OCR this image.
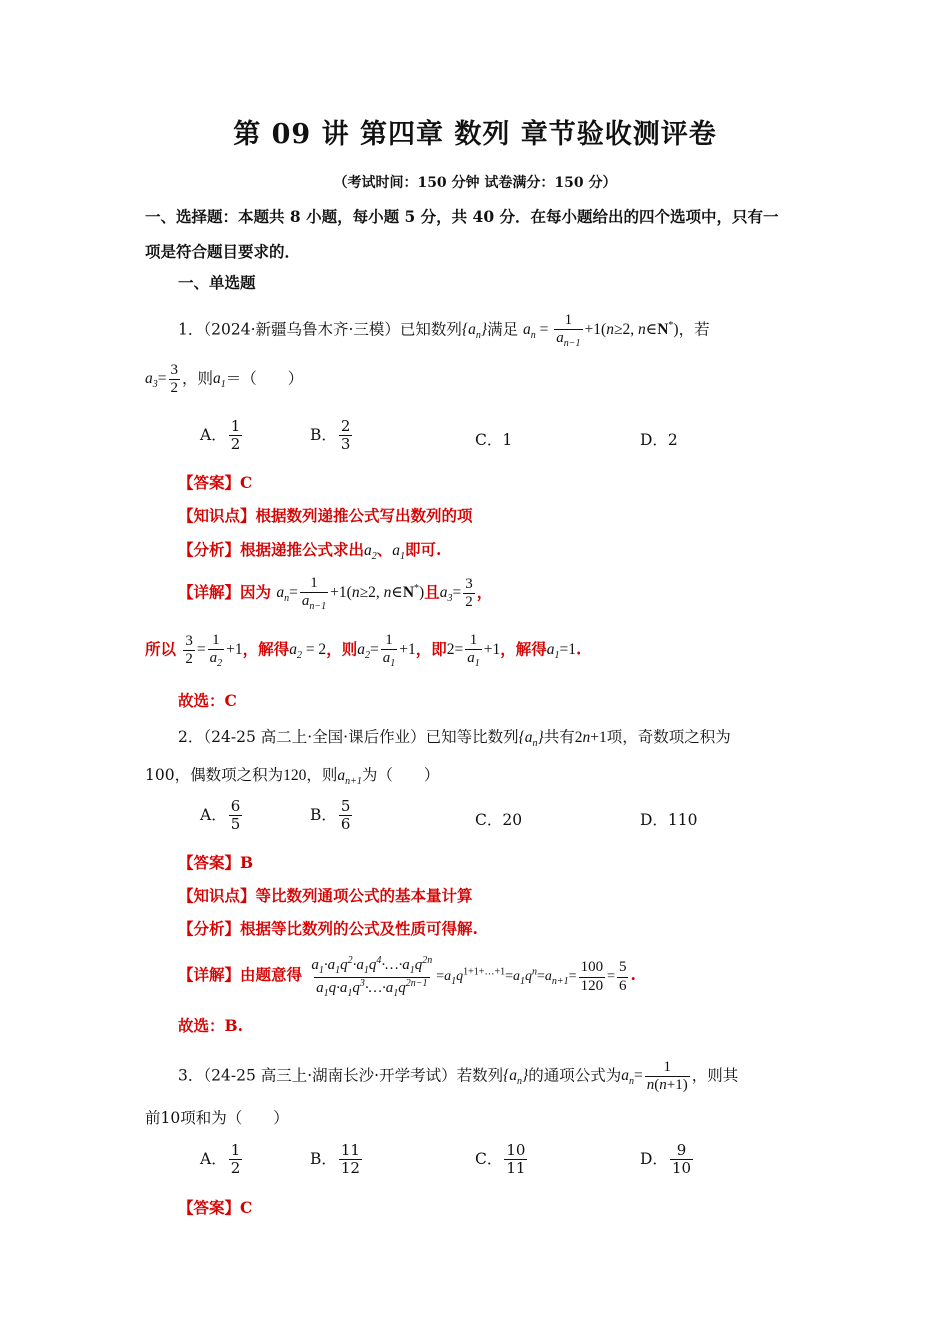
第 09 讲 第四章 数列 章节验收测评卷
（考试时间：150 分钟 试卷满分：150 分）
一、选择题：本题共 8 小题，每小题 5 分，共 40 分．在每小题给出的四个选项中，只有一
项是符合题目要求的．
一、单选题
1．（2024·新疆乌鲁木齐·三模）已知数列$\{a_n\}$满足 $a_n = \frac{1}{a_{n-1}} +1(n\ge 2$, n∈N*)，若
$a_3= \frac{3}{2}$ ，则$a_1=$（　　）
A． $\frac{1}{2}$	B． $\frac{2}{3}$	C．1	D．2
【答案】C
【知识点】根据数列递推公式写出数列的项
【分析】根据递推公式求出$a_2$、$a_1$即可.
【详解】因为 $a_n= \frac{1}{a_{n-1}} +1(n\ge 2$, n∈N*)且$a_3= \frac{3}{2}$ ，
所以 $\frac{3}{2} = \frac{1}{a_2} +1$，解得$a_2 = 2$，则$a_2= \frac{1}{a_1} +1$，即$2= \frac{1}{a_1} +1$，解得$a_1=1$.
故选：C
2．（24-25 高二上·全国·课后作业）已知等比数列$\{a_n\}$共有2n+1项，奇数项之积为
100，偶数项之积为120，则$a_{n+1}$为（　　）
A． $\frac{6}{5}$	B． $\frac{5}{6}$	C．20	D．110
【答案】B
【知识点】等比数列通项公式的基本量计算
【分析】根据等比数列的公式及性质可得解.
【详解】由题意得 $\frac{a_1\cdot a_1q^2\cdot a_1q^4\cdot\dots\cdot a_1q^{2n}}{a_1q\cdot a_1q^3\cdot\dots\cdot a_1q^{2n-1}} =a_1q^{1+1+\dots+1}=a_1q^n=a_{n+1}= \frac{100}{120} = \frac{5}{6}$ .
故选：B.
3．（24-25 高三上·湖南长沙·开学考试）若数列$\{a_n\}$的通项公式为$a_n= \frac{1}{n(n+1)}$ ，则其
前10项和为（　　）
A． $\frac{1}{2}$	B． $\frac{11}{12}$	C． $\frac{10}{11}$	D． $\frac{9}{10}$
【答案】C
